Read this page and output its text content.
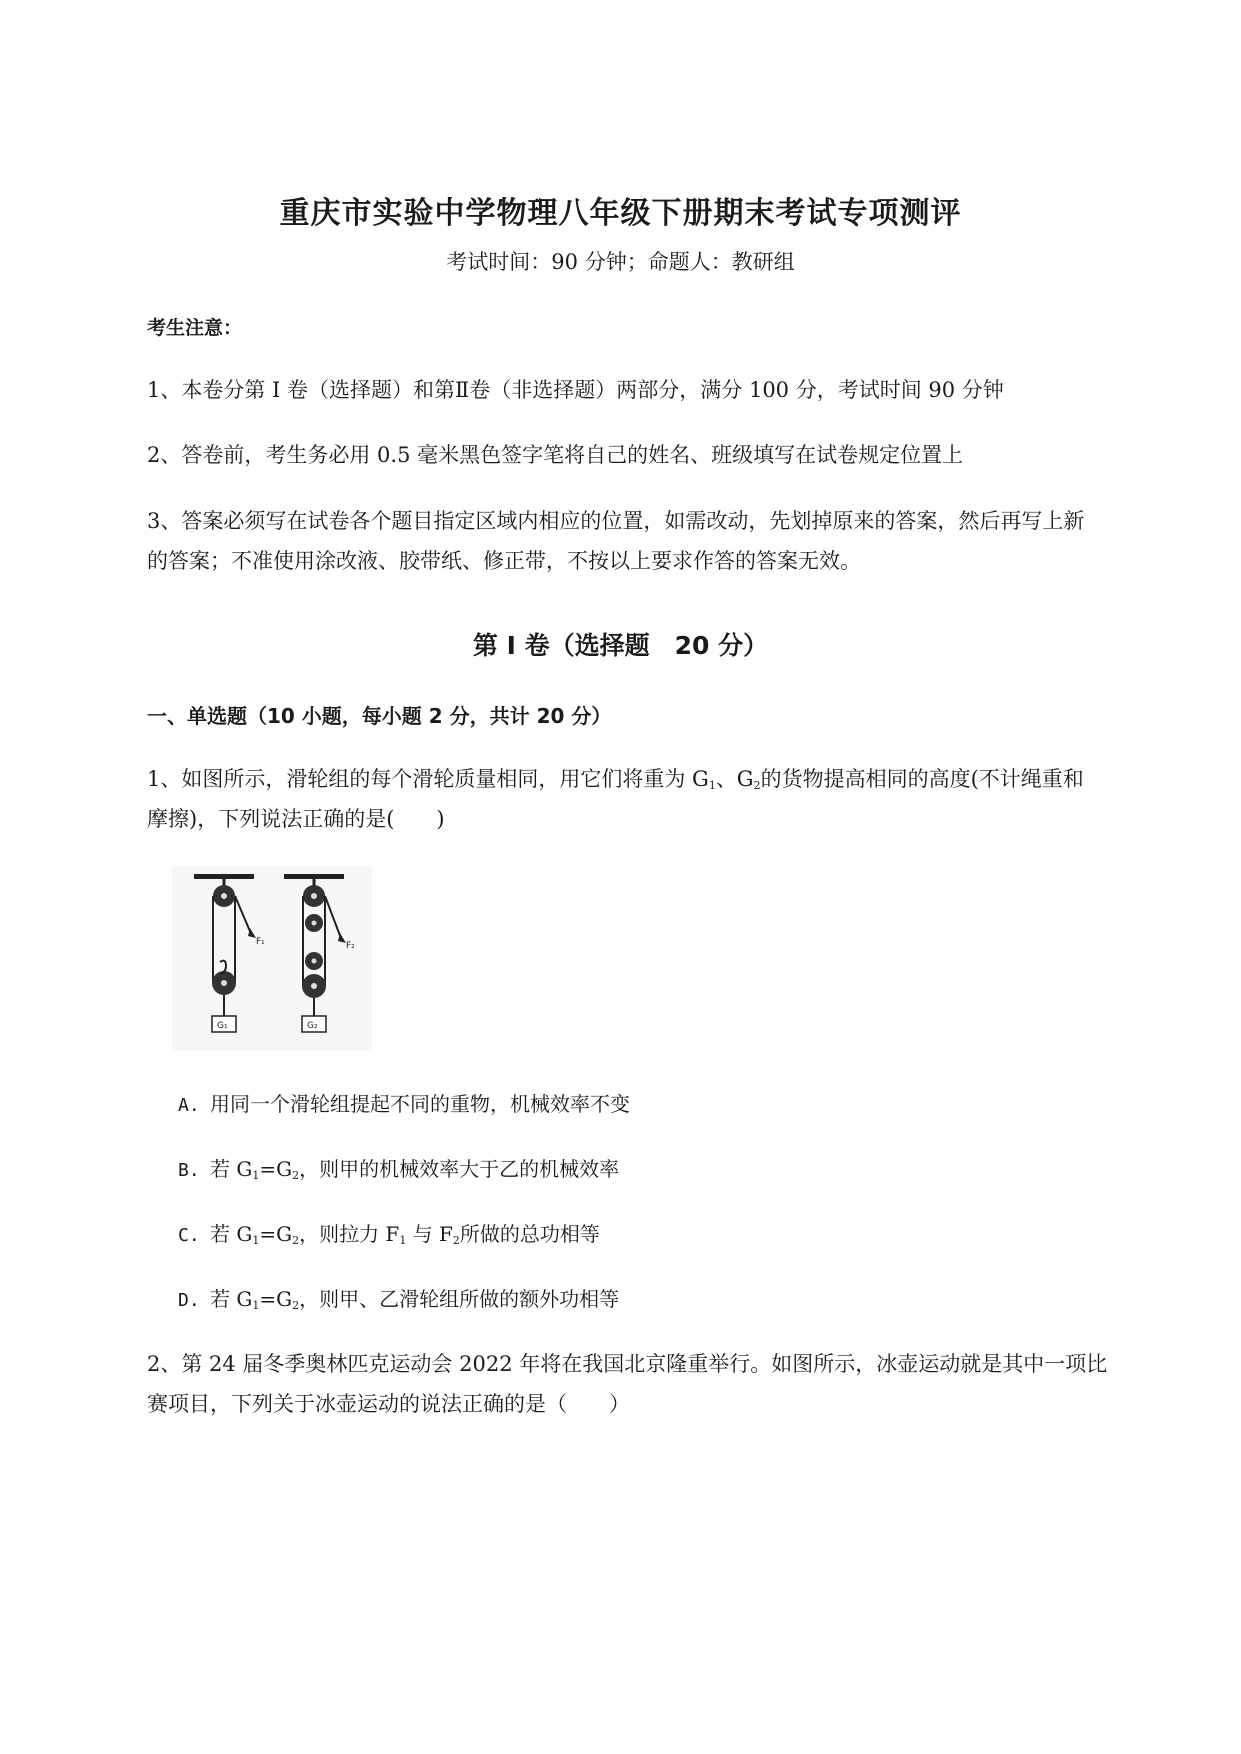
重庆市实验中学物理八年级下册期末考试专项测评
考试时间：90 分钟；命题人：教研组
考生注意：
1、本卷分第 I 卷（选择题）和第Ⅱ卷（非选择题）两部分，满分 100 分，考试时间 90 分钟
2、答卷前，考生务必用 0.5 毫米黑色签字笔将自己的姓名、班级填写在试卷规定位置上
3、答案必须写在试卷各个题目指定区域内相应的位置，如需改动，先划掉原来的答案，然后再写上新
的答案；不准使用涂改液、胶带纸、修正带，不按以上要求作答的答案无效。
第 I 卷（选择题　20 分）
一、单选题（10 小题，每小题 2 分，共计 20 分）
1、如图所示，滑轮组的每个滑轮质量相同，用它们将重为 $G_1$、$G_2$的货物提高相同的高度(不计绳重和
摩擦)，下列说法正确的是(　　)
F₁
G₁
F₂
G₂
A. 用同一个滑轮组提起不同的重物，机械效率不变
B. 若 $G_1=G_2$，则甲的机械效率大于乙的机械效率
C. 若 $G_1=G_2$，则拉力 $F_1$ 与 $F_2$所做的总功相等
D. 若 $G_1=G_2$，则甲、乙滑轮组所做的额外功相等
2、第 24 届冬季奥林匹克运动会 2022 年将在我国北京隆重举行。如图所示，冰壶运动就是其中一项比
赛项目，下列关于冰壶运动的说法正确的是（　　）
